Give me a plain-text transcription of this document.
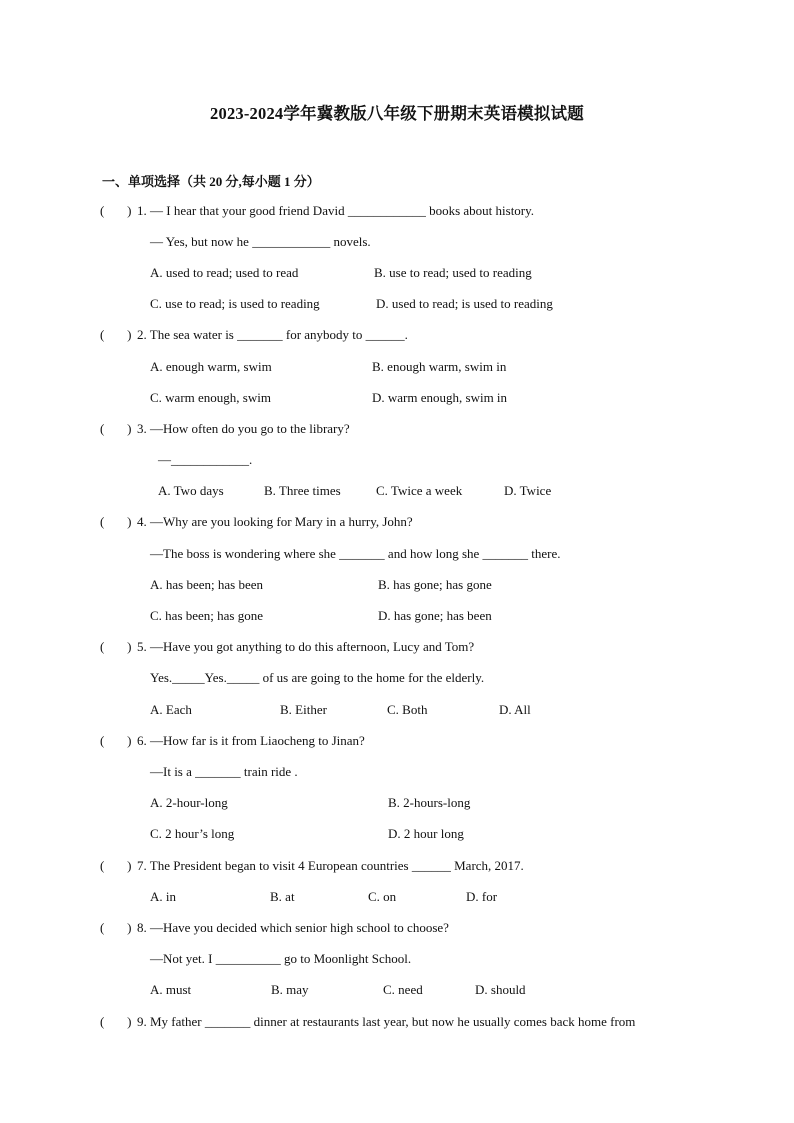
2023-2024学年冀教版八年级下册期末英语模拟试题
一、单项选择（共 20 分,每小题 1 分）
(       ) 1. — I hear that your good friend David ____________ books about history.
— Yes, but now he ____________ novels.
A. used to read; used to read	B. use to read; used to reading
C. use to read; is used to reading	D. used to read; is used to reading
(       ) 2. The sea water is _______ for anybody to ______.
A. enough warm, swim	B. enough warm, swim in
C. warm enough, swim	D. warm enough, swim in
(       ) 3. —How often do you go to the library?
—____________.
A. Two days	B. Three times	C. Twice a week	D. Twice
(       ) 4. —Why are you looking for Mary in a hurry, John?
—The boss is wondering where she _______ and how long she _______ there.
A. has been; has been	B. has gone; has gone
C. has been; has gone	D. has gone; has been
(       ) 5. —Have you got anything to do this afternoon, Lucy and Tom?
Yes._____Yes._____ of us are going to the home for the elderly.
A. Each	B. Either	C. Both	D. All
(       ) 6. —How far is it from Liaocheng to Jinan?
—It is a _______ train ride .
A. 2-hour-long	B. 2-hours-long
C. 2 hour’s long	D. 2 hour long
(       ) 7. The President began to visit 4 European countries ______ March, 2017.
A. in	B. at	C. on	D. for
(       ) 8. —Have you decided which senior high school to choose?
—Not yet. I __________ go to Moonlight School.
A. must	B. may	C. need	D. should
(       ) 9. My father _______ dinner at restaurants last year, but now he usually comes back home from
